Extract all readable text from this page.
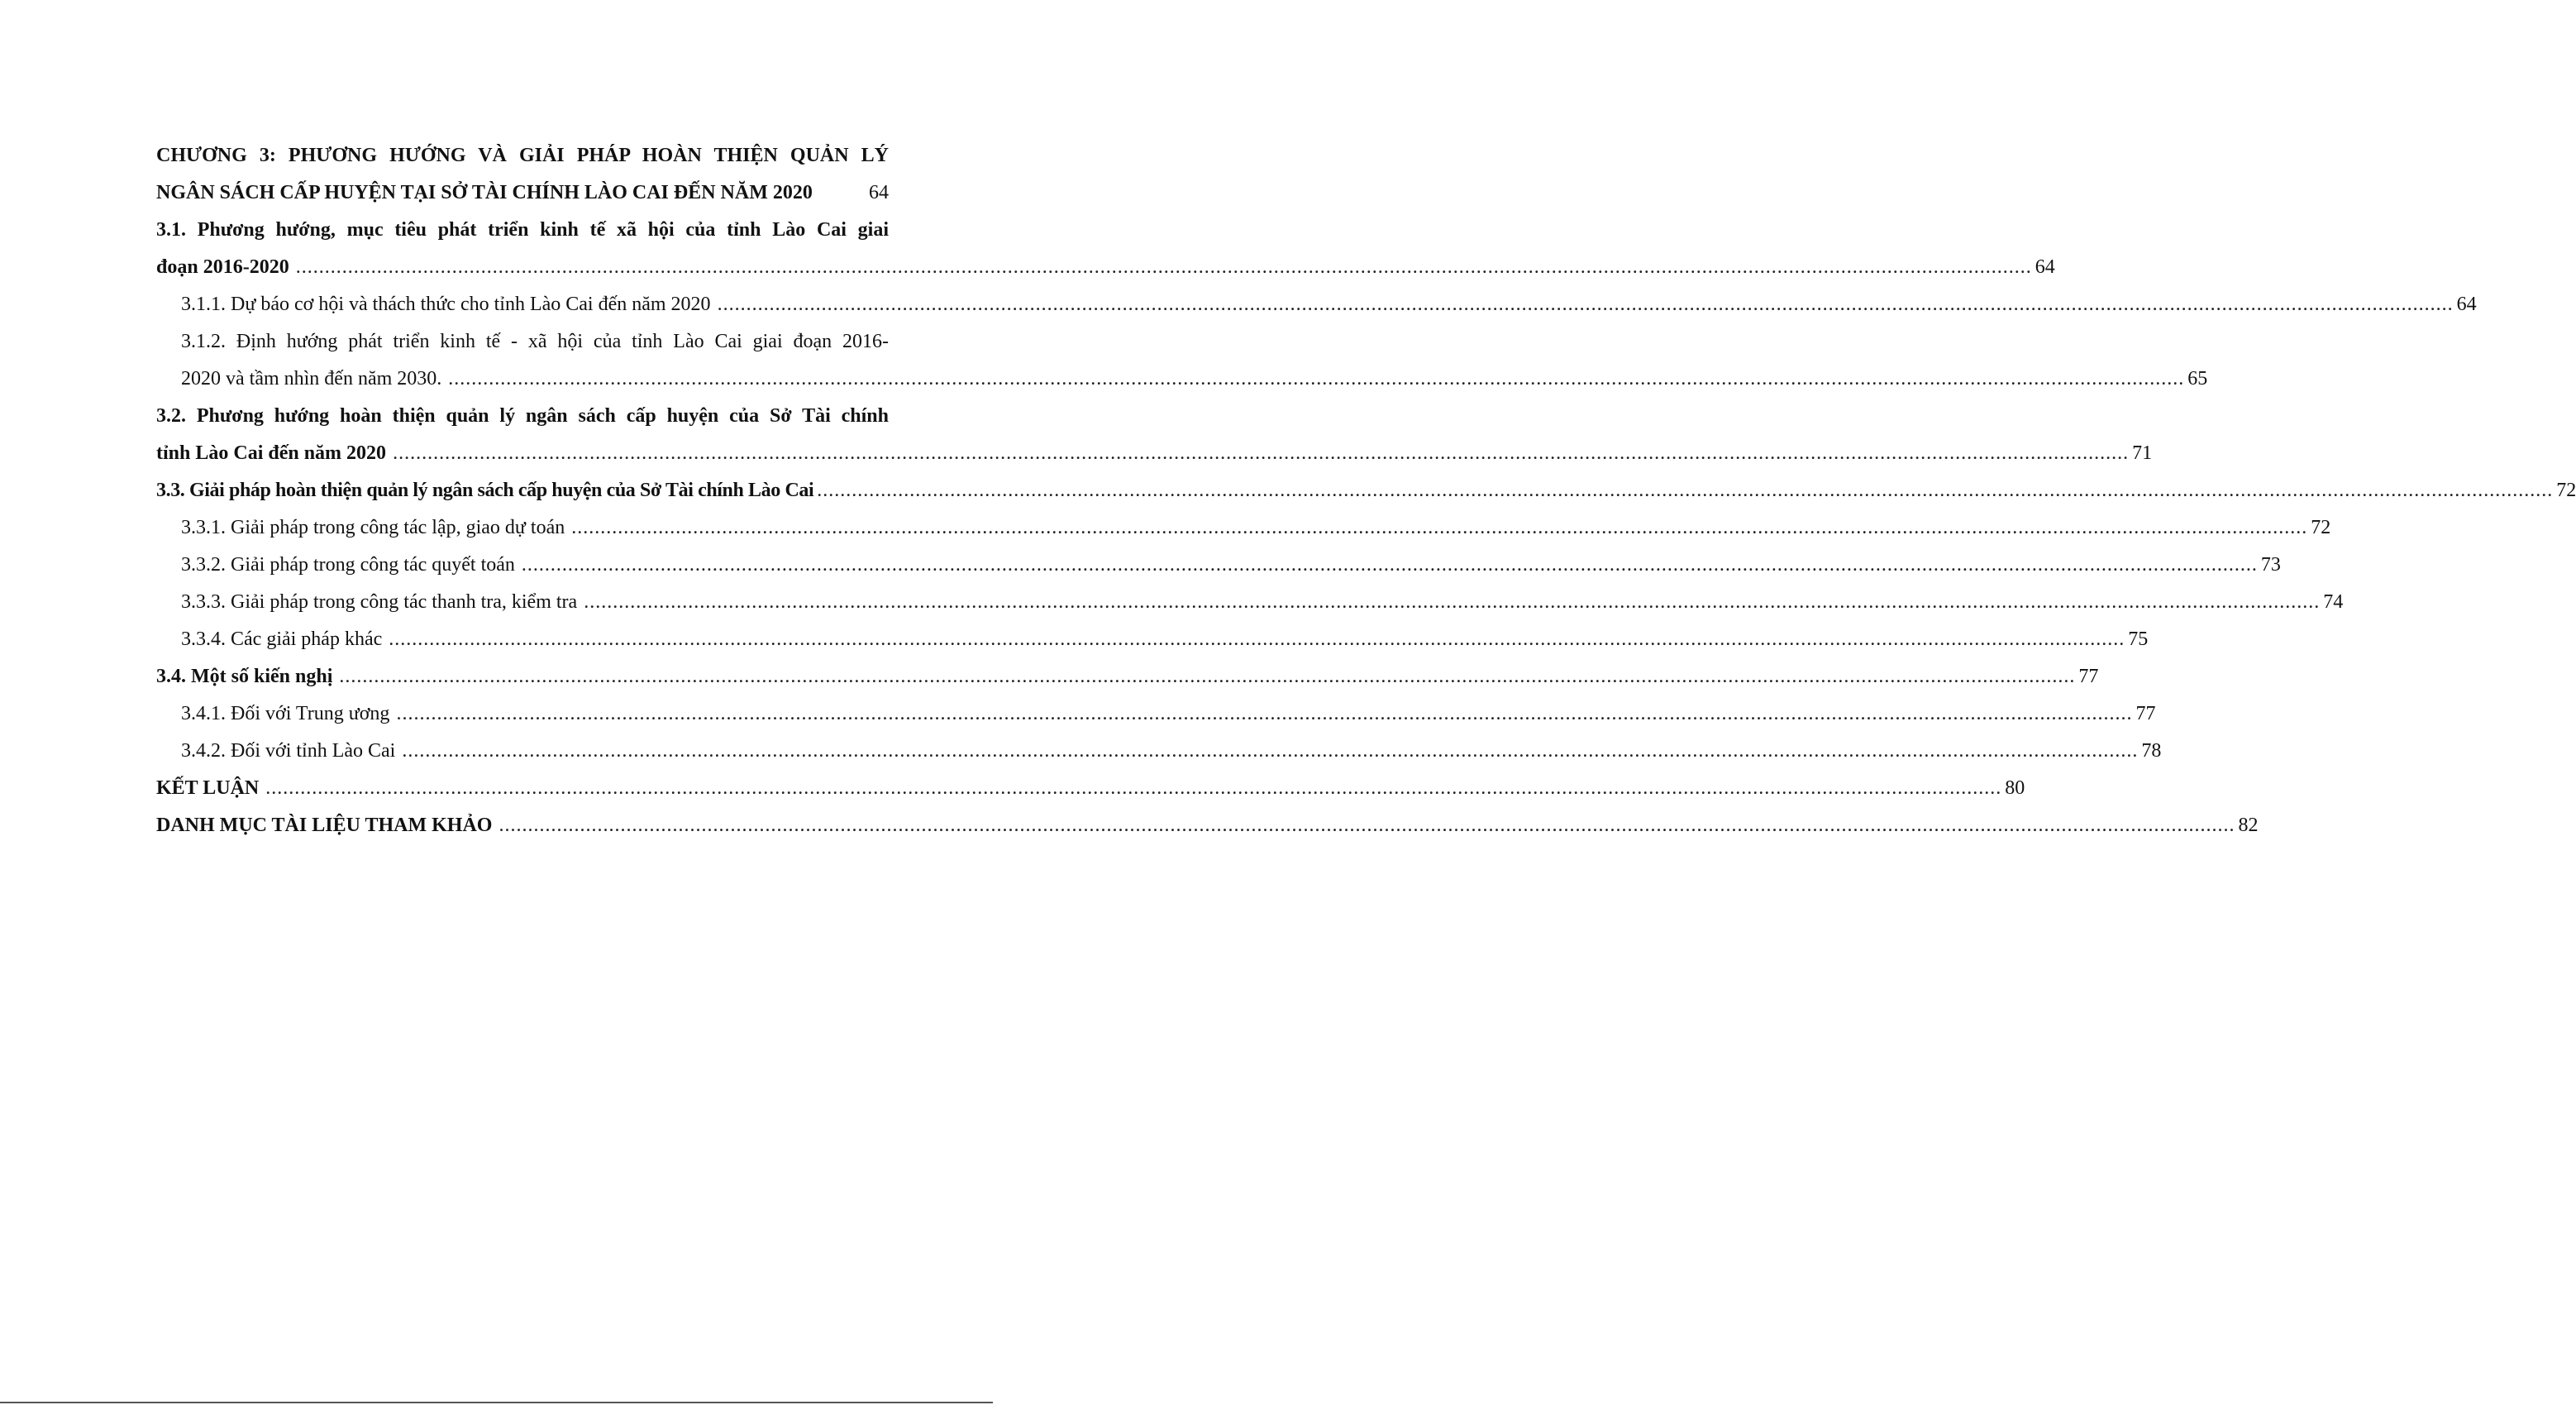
CHƯƠNG 3: PHƯƠNG HƯỚNG VÀ GIẢI PHÁP HOÀN THIỆN QUẢN LÝ
NGÂN SÁCH CẤP HUYỆN TẠI SỞ TÀI CHÍNH LÀO CAI ĐẾN NĂM 2020	64
3.1. Phương hướng, mục tiêu phát triển kinh tế xã hội của tỉnh Lào Cai giai
đoạn 2016-2020 ............................................................................................................................................................................................................................................................................................................ 64
3.1.1. Dự báo cơ hội và thách thức cho tỉnh Lào Cai đến năm 2020 ............................................................................................................................................................................................................................................................................................................ 64
3.1.2. Định hướng phát triển kinh tế - xã hội của tỉnh Lào Cai giai đoạn 2016-
2020 và tầm nhìn đến năm 2030. ............................................................................................................................................................................................................................................................................................................ 65
3.2. Phương hướng hoàn thiện quản lý ngân sách cấp huyện của Sở Tài chính
tỉnh Lào Cai đến năm 2020 ............................................................................................................................................................................................................................................................................................................ 71
3.3. Giải pháp hoàn thiện quản lý ngân sách cấp huyện của Sở Tài chính Lào Cai ............................................................................................................................................................................................................................................................................................................ 72
3.3.1. Giải pháp trong công tác lập, giao dự toán ............................................................................................................................................................................................................................................................................................................ 72
3.3.2. Giải pháp trong công tác quyết toán ............................................................................................................................................................................................................................................................................................................ 73
3.3.3. Giải pháp trong công tác thanh tra, kiểm tra ............................................................................................................................................................................................................................................................................................................ 74
3.3.4. Các giải pháp khác ............................................................................................................................................................................................................................................................................................................ 75
3.4. Một số kiến nghị ............................................................................................................................................................................................................................................................................................................ 77
3.4.1. Đối với Trung ương ............................................................................................................................................................................................................................................................................................................ 77
3.4.2. Đối với tỉnh Lào Cai ............................................................................................................................................................................................................................................................................................................ 78
KẾT LUẬN ............................................................................................................................................................................................................................................................................................................ 80
DANH MỤC TÀI LIỆU THAM KHẢO ............................................................................................................................................................................................................................................................................................................ 82
